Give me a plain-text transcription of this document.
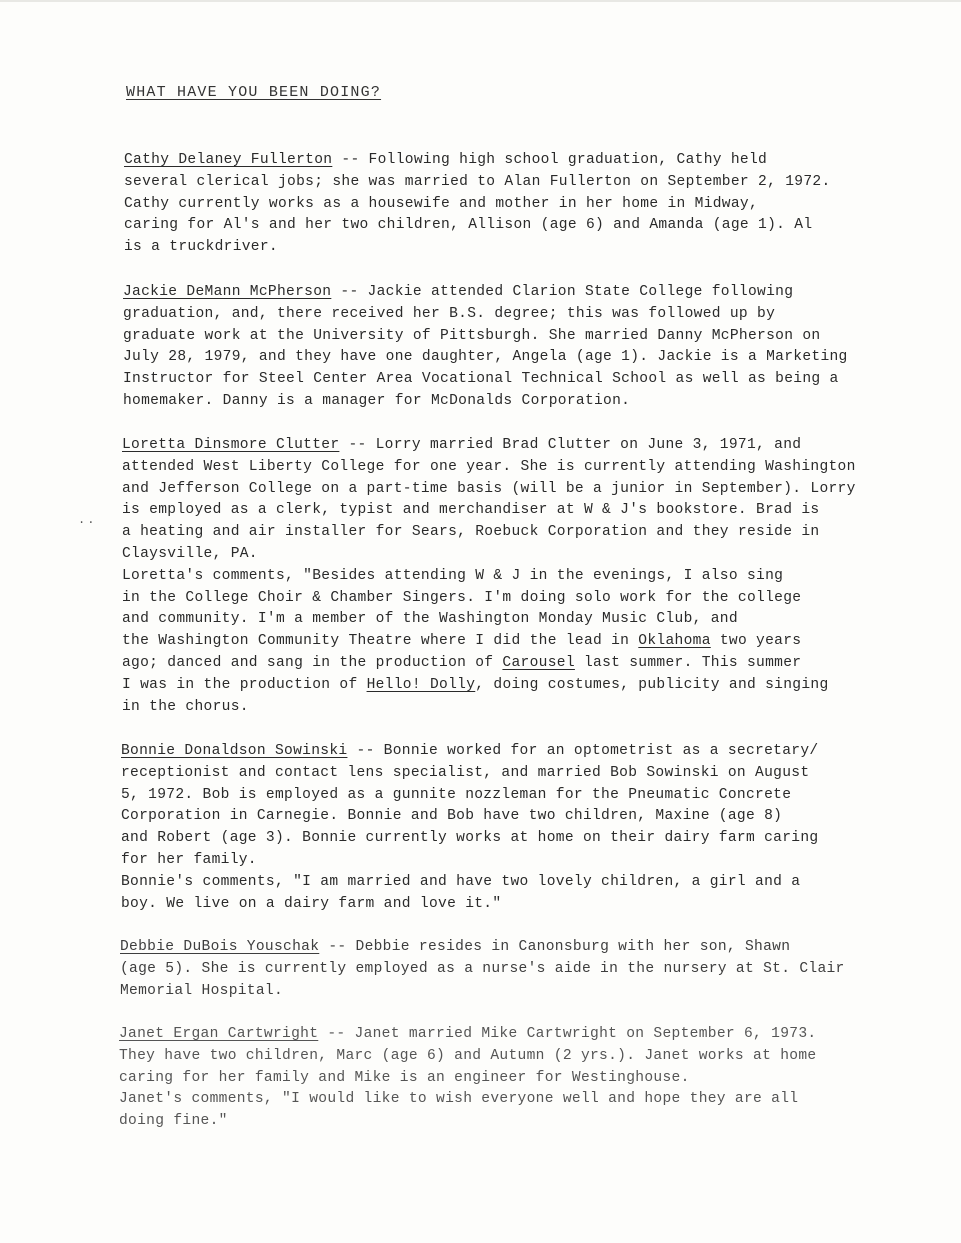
..
WHAT HAVE YOU BEEN DOING?

Cathy Delaney Fullerton -- Following high school graduation, Cathy held

several clerical jobs; she was married to Alan Fullerton on September 2, 1972.

Cathy currently works as a housewife and mother in her home in Midway,

caring for Al's and her two children, Allison (age 6) and Amanda (age 1). Al

is a truckdriver.

Jackie DeMann McPherson -- Jackie attended Clarion State College following

graduation, and, there received her B.S. degree; this was followed up by

graduate work at the University of Pittsburgh. She married Danny McPherson on

July 28, 1979, and they have one daughter, Angela (age 1). Jackie is a Marketing

Instructor for Steel Center Area Vocational Technical School as well as being a

homemaker. Danny is a manager for McDonalds Corporation.

Loretta Dinsmore Clutter -- Lorry married Brad Clutter on June 3, 1971, and

attended West Liberty College for one year. She is currently attending Washington

and Jefferson College on a part-time basis (will be a junior in September). Lorry

is employed as a clerk, typist and merchandiser at W & J's bookstore. Brad is

a heating and air installer for Sears, Roebuck Corporation and they reside in

Claysville, PA.

Loretta's comments, "Besides attending W & J in the evenings, I also sing

in the College Choir & Chamber Singers. I'm doing solo work for the college

and community. I'm a member of the Washington Monday Music Club, and

the Washington Community Theatre where I did the lead in Oklahoma two years

ago; danced and sang in the production of Carousel last summer. This summer

I was in the production of Hello! Dolly, doing costumes, publicity and singing

in the chorus.

Bonnie Donaldson Sowinski -- Bonnie worked for an optometrist as a secretary/

receptionist and contact lens specialist, and married Bob Sowinski on August

5, 1972. Bob is employed as a gunnite nozzleman for the Pneumatic Concrete

Corporation in Carnegie. Bonnie and Bob have two children, Maxine (age 8)

and Robert (age 3). Bonnie currently works at home on their dairy farm caring

for her family.

Bonnie's comments, "I am married and have two lovely children, a girl and a

boy. We live on a dairy farm and love it."

Debbie DuBois Youschak -- Debbie resides in Canonsburg with her son, Shawn

(age 5). She is currently employed as a nurse's aide in the nursery at St. Clair

Memorial Hospital.

Janet Ergan Cartwright -- Janet married Mike Cartwright on September 6, 1973.

They have two children, Marc (age 6) and Autumn (2 yrs.). Janet works at home

caring for her family and Mike is an engineer for Westinghouse.

Janet's comments, "I would like to wish everyone well and hope they are all

doing fine."
